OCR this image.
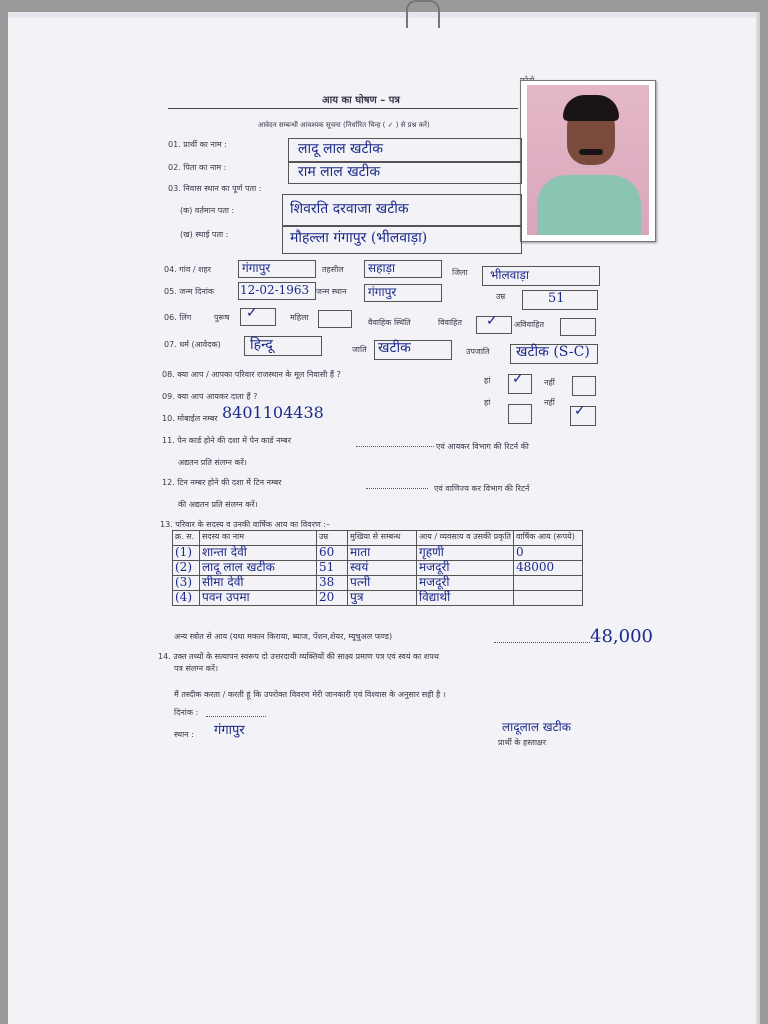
आय का घोषण – पत्र
आवेदन सम्बन्धी आवश्यक सूचना (निर्धारित चिन्ह ( ✓ ) से प्रश्न करें)
01. प्रार्थी का नाम :	लादू लाल खटीक
02. पिता का नाम :	राम लाल खटीक
03. निवास स्थान का पूर्ण पता :
(क) वर्तमान पता :	शिवरति दरवाजा खटीक
(ख) स्थाई पता :	मौहल्ला गंगापुर (भीलवाड़ा)
04. गांव / शहर	गंगापुर	तहसील सहाड़ा	जिला भीलवाड़ा
05. जन्म दिनांक 12-02-1963 जन्म स्थान गंगापुर	उम्र	51
06. लिंग	पुरूष ✓	महिला
वैवाहिक स्थिति	विवाहित ✓ अविवाहित
07. धर्म (आवेदक) हिन्दू	जाति खटीक	उपजाति खटीक (S-C)
08. क्या आप / आपका परिवार राजस्थान के मूल निवासी हैं ?
हां ✓	नहीं
09. क्या आप आयकर दाता हैं ?
हां	नहीं
✓
10. मोबाईल नम्बर 8401104438
11. पेन कार्ड होने की दशा में पेन कार्ड नम्बर
एवं आयकर विभाग की रिटर्न की
अद्यतन प्रति संलग्न करें।
12. टिन नम्बर होने की दशा में टिन नम्बर
एवं वाणिज्य कर विभाग की रिटर्न
की अद्यतन प्रति संलग्न करें।
13. परिवार के सदस्य व उनकी वार्षिक आय का विवरण :–
क्र. स.	सदस्य का नाम	उम्र	मुखिया से सम्बन्ध	आय / व्यवसाय व उसकी प्रकृति	वार्षिक आय (रूपये)
(1)	शान्ता देवी	60	माता	गृहणी	0
(2)	लादू लाल खटीक	51	स्वयं	मजदूरी	48000
(3)	सीमा देवी	38	पत्नी	मजदूरी	
(4)	पवन उपमा	20	पुत्र	विद्यार्थी	
अन्य स्त्रोत से आय (यथा मकान किराया, ब्याज, पेंशन,शेयर, म्यूचुअल फण्ड)	48,000
14. उक्त तथ्यों के सत्यापन स्वरूप दो उत्तरदायी व्यक्तियों की साक्ष्य प्रमाण पत्र एवं स्वयं का शपथ
पत्र संलग्न करें।
मैं तस्दीक करता / करती हूं कि उपरोक्त विवरण मेरी जानकारी एवं विश्वास के अनुसार सही है ।
दिनांक :
स्थान : गंगापुर	लादूलाल खटीक
प्रार्थी के हस्ताक्षर
